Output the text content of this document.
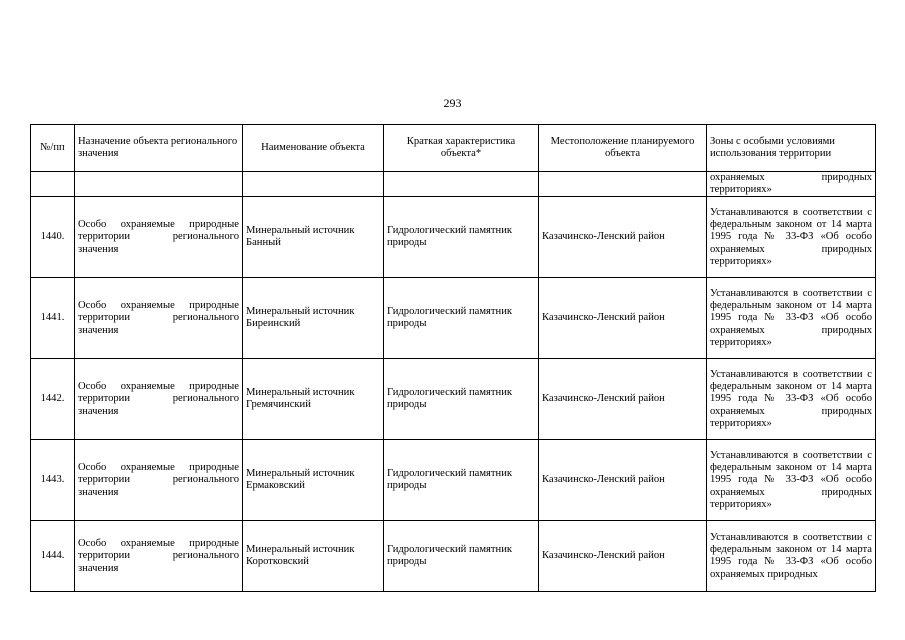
293
№/пп	Назначение объекта регионального значения	Наименование объекта	Краткая характеристика объекта*	Местоположение планируемого объекта	Зоны с особыми условиями использования территории
					охраняемых природных территориях»
1440.	Особо охраняемые природные территории регионального значения	Минеральный источник Банный	Гидрологический памятник природы	Казачинско-Ленский район	Устанавливаются в соответствии с федеральным законом от 14 марта 1995 года № 33-ФЗ «Об особо охраняемых природных территориях»
1441.	Особо охраняемые природные территории регионального значения	Минеральный источник Биреинский	Гидрологический памятник природы	Казачинско-Ленский район	Устанавливаются в соответствии с федеральным законом от 14 марта 1995 года № 33-ФЗ «Об особо охраняемых природных территориях»
1442.	Особо охраняемые природные территории регионального значения	Минеральный источник Гремячинский	Гидрологический памятник природы	Казачинско-Ленский район	Устанавливаются в соответствии с федеральным законом от 14 марта 1995 года № 33-ФЗ «Об особо охраняемых природных территориях»
1443.	Особо охраняемые природные территории регионального значения	Минеральный источник Ермаковский	Гидрологический памятник природы	Казачинско-Ленский район	Устанавливаются в соответствии с федеральным законом от 14 марта 1995 года № 33-ФЗ «Об особо охраняемых природных территориях»
1444.	Особо охраняемые природные территории регионального значения	Минеральный источник Коротковский	Гидрологический памятник природы	Казачинско-Ленский район	Устанавливаются в соответствии с федеральным законом от 14 марта 1995 года № 33-ФЗ «Об особо охраняемых природных
